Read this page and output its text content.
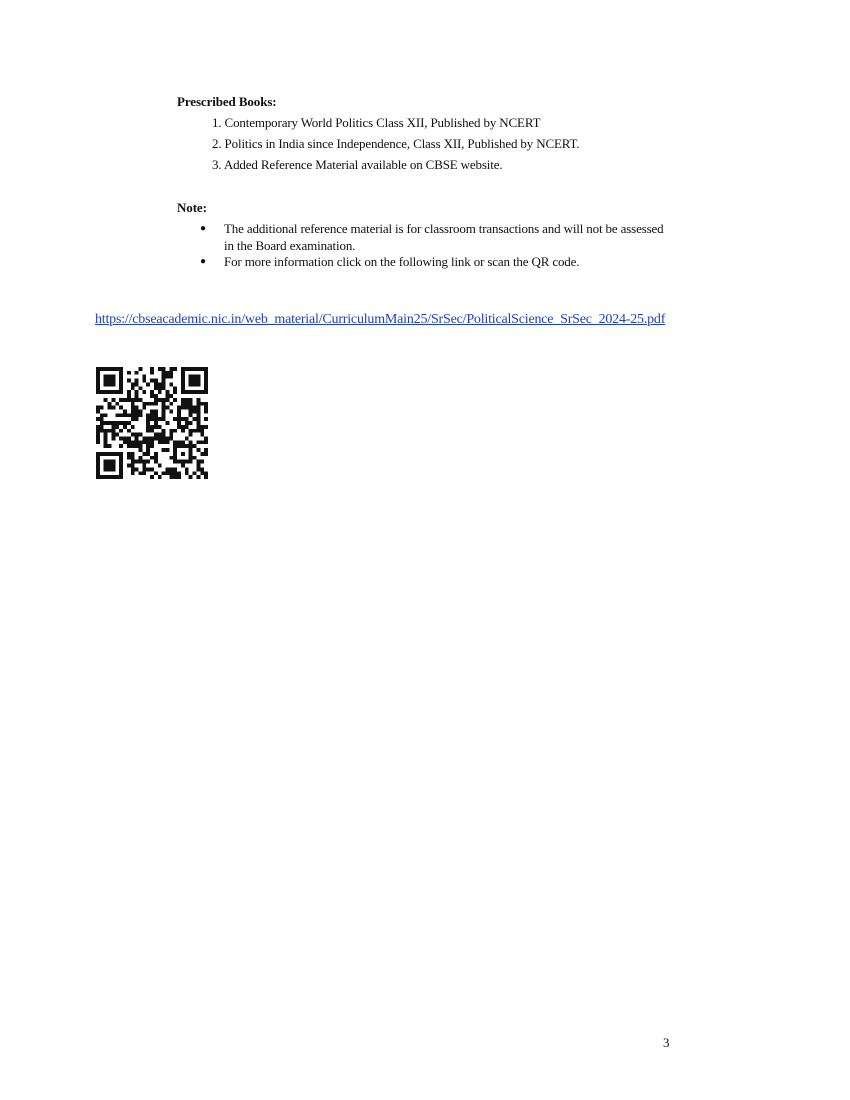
Prescribed Books:
1. Contemporary World Politics Class XII, Published by NCERT
2. Politics in India since Independence, Class XII, Published by NCERT.
3. Added Reference Material available on CBSE website.
Note:
● The additional reference material is for classroom transactions and will not be assessed in the Board examination.
● For more information click on the following link or scan the QR code.
https://cbseacademic.nic.in/web_material/CurriculumMain25/SrSec/PoliticalScience_SrSec_2024-25.pdf
3
